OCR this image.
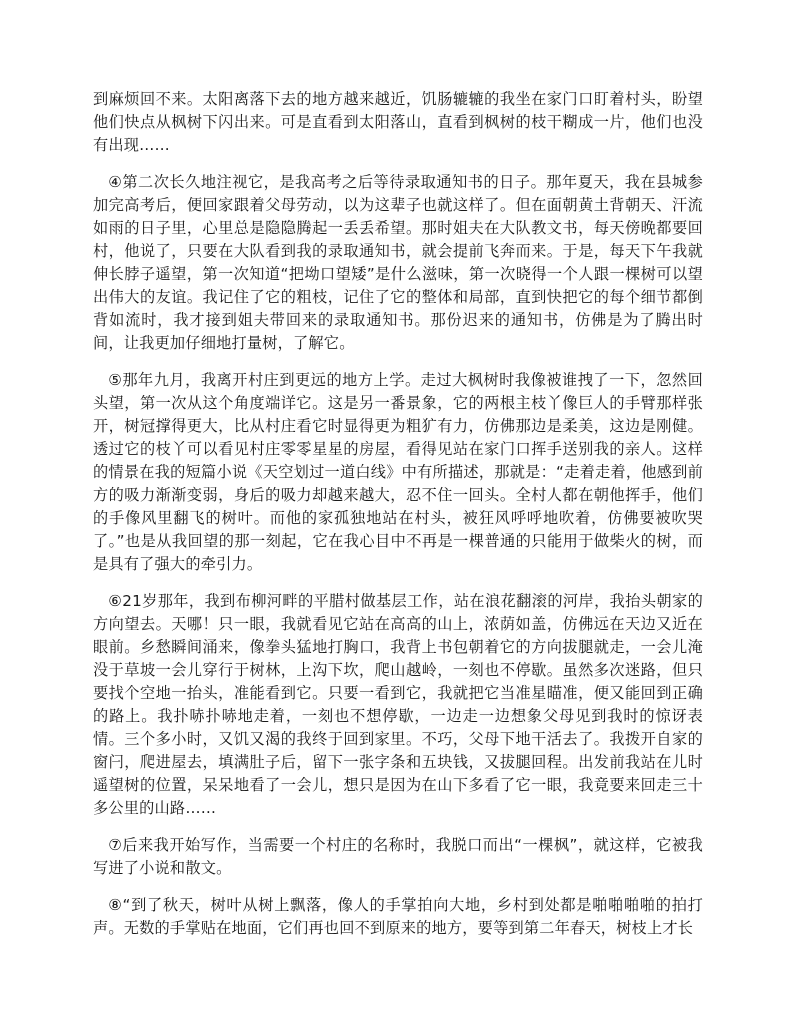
到麻烦回不来。太阳离落下去的地方越来越近，饥肠辘辘的我坐在家门口盯着村头，盼望他们快点从枫树下闪出来。可是直看到太阳落山，直看到枫树的枝干糊成一片，他们也没有出现……

④第二次长久地注视它，是我高考之后等待录取通知书的日子。那年夏天，我在县城参加完高考后，便回家跟着父母劳动，以为这辈子也就这样了。但在面朝黄土背朝天、汗流如雨的日子里，心里总是隐隐腾起一丢丢希望。那时姐夫在大队教文书，每天傍晚都要回村，他说了，只要在大队看到我的录取通知书，就会提前飞奔而来。于是，每天下午我就伸长脖子遥望，第一次知道“把坳口望矮”是什么滋味，第一次晓得一个人跟一棵树可以望出伟大的友谊。我记住了它的粗枝，记住了它的整体和局部，直到快把它的每个细节都倒背如流时，我才接到姐夫带回来的录取通知书。那份迟来的通知书，仿佛是为了腾出时间，让我更加仔细地打量树，了解它。

⑤那年九月，我离开村庄到更远的地方上学。走过大枫树时我像被谁拽了一下，忽然回头望，第一次从这个角度端详它。这是另一番景象，它的两根主枝丫像巨人的手臂那样张开，树冠撑得更大，比从村庄看它时显得更为粗犷有力，仿佛那边是柔美，这边是刚健。透过它的枝丫可以看见村庄零零星星的房屋，看得见站在家门口挥手送别我的亲人。这样的情景在我的短篇小说《天空划过一道白线》中有所描述，那就是：“走着走着，他感到前方的吸力渐渐变弱，身后的吸力却越来越大，忍不住一回头。全村人都在朝他挥手，他们的手像风里翻飞的树叶。而他的家孤独地站在村头，被狂风呼呼地吹着，仿佛要被吹哭了。”也是从我回望的那一刻起，它在我心目中不再是一棵普通的只能用于做柴火的树，而是具有了强大的牵引力。

⑥21岁那年，我到布柳河畔的平腊村做基层工作，站在浪花翻滚的河岸，我抬头朝家的方向望去。天哪！只一眼，我就看见它站在高高的山上，浓荫如盖，仿佛远在天边又近在眼前。乡愁瞬间涌来，像拳头猛地打胸口，我背上书包朝着它的方向拔腿就走，一会儿淹没于草坡一会儿穿行于树林，上沟下坎，爬山越岭，一刻也不停歇。虽然多次迷路，但只要找个空地一抬头，准能看到它。只要一看到它，我就把它当准星瞄准，便又能回到正确的路上。我扑哧扑哧地走着，一刻也不想停歇，一边走一边想象父母见到我时的惊讶表情。三个多小时，又饥又渴的我终于回到家里。不巧，父母下地干活去了。我拨开自家的窗闩，爬进屋去，填满肚子后，留下一张字条和五块钱，又拔腿回程。出发前我站在儿时遥望树的位置，呆呆地看了一会儿，想只是因为在山下多看了它一眼，我竟要来回走三十多公里的山路……

⑦后来我开始写作，当需要一个村庄的名称时，我脱口而出“一棵枫”，就这样，它被我写进了小说和散文。

⑧“到了秋天，树叶从树上飘落，像人的手掌拍向大地，乡村到处都是啪啪啪啪的拍打声。无数的手掌贴在地面，它们再也回不到原来的地方，要等到第二年春天，树枝上才长
